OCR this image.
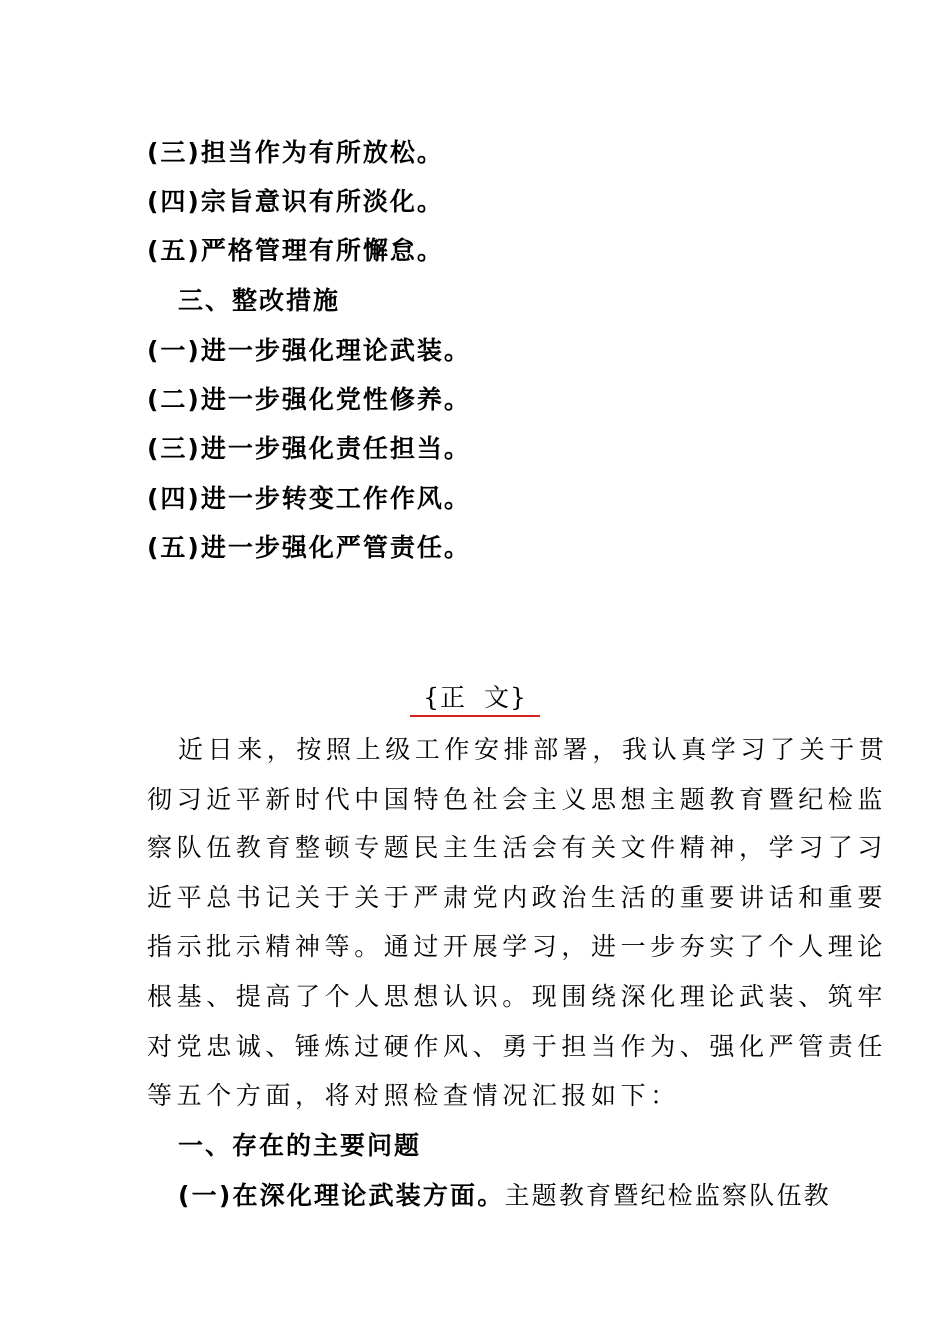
(三)担当作为有所放松。
(四)宗旨意识有所淡化。
(五)严格管理有所懈怠。
三、整改措施
(一)进一步强化理论武装。
(二)进一步强化党性修养。
(三)进一步强化责任担当。
(四)进一步转变工作作风。
(五)进一步强化严管责任。
{正  文}
近日来，按照上级工作安排部署，我认真学习了关于贯
彻习近平新时代中国特色社会主义思想主题教育暨纪检监
察队伍教育整顿专题民主生活会有关文件精神，学习了习
近平总书记关于关于严肃党内政治生活的重要讲话和重要
指示批示精神等。通过开展学习，进一步夯实了个人理论
根基、提高了个人思想认识。现围绕深化理论武装、筑牢
对党忠诚、锤炼过硬作风、勇于担当作为、强化严管责任
等五个方面，将对照检查情况汇报如下：
一、存在的主要问题
(一)在深化理论武装方面。主题教育暨纪检监察队伍教
